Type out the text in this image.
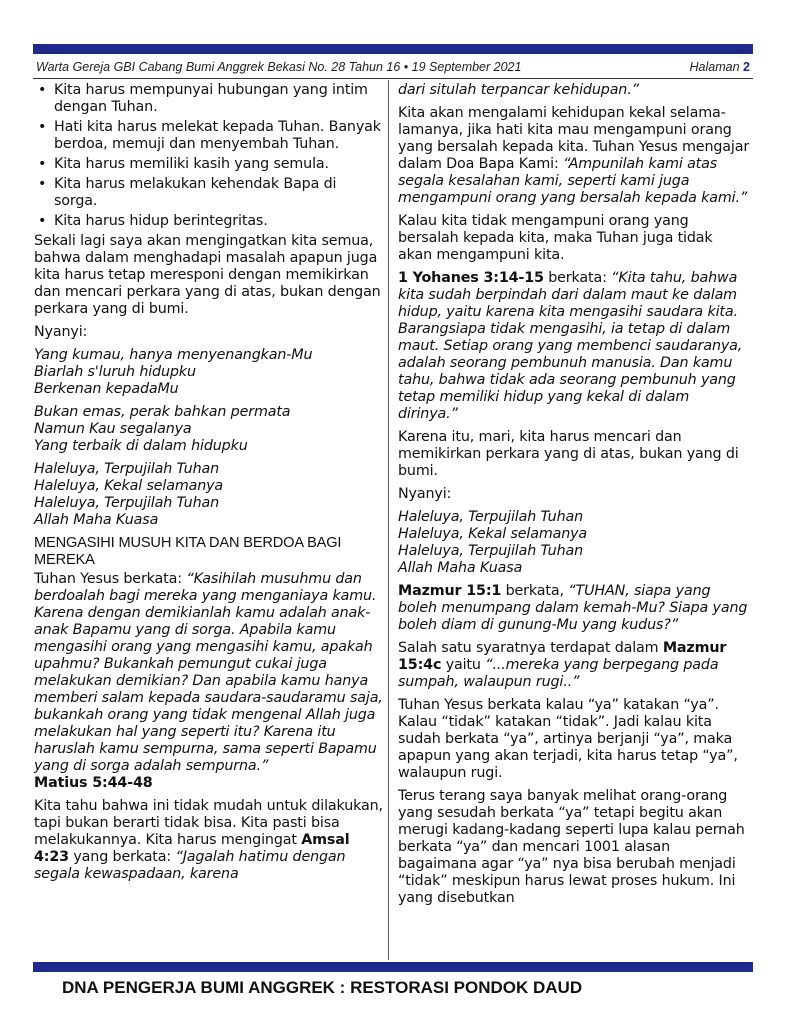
Warta Gereja GBI Cabang Bumi Anggrek Bekasi No. 28 Tahun 16 • 19 September 2021	Halaman 2
• Kita harus mempunyai hubungan yang intim dengan Tuhan.
• Hati kita harus melekat kepada Tuhan. Banyak berdoa, memuji dan menyembah Tuhan.
• Kita harus memiliki kasih yang semula.
• Kita harus melakukan kehendak Bapa di sorga.
• Kita harus hidup berintegritas.

Sekali lagi saya akan mengingatkan kita semua, bahwa dalam menghadapi masalah apapun juga kita harus tetap meresponi dengan memikirkan dan mencari perkara yang di atas, bukan dengan perkara yang di bumi.

Nyanyi:

Yang kumau, hanya menyenangkan-Mu
Biarlah s'luruh hidupku
Berkenan kepadaMu
Bukan emas, perak bahkan permata
Namun Kau segalanya
Yang terbaik di dalam hidupku
Haleluya, Terpujilah Tuhan
Haleluya, Kekal selamanya
Haleluya, Terpujilah Tuhan
Allah Maha Kuasa
MENGASIHI MUSUH KITA DAN BERDOA BAGI MEREKA

Tuhan Yesus berkata: “Kasihilah musuhmu dan berdoalah bagi mereka yang menganiaya kamu. Karena dengan demikianlah kamu adalah anak-anak Bapamu yang di sorga. Apabila kamu mengasihi orang yang mengasihi kamu, apakah upahmu? Bukankah pemungut cukai juga melakukan demikian? Dan apabila kamu hanya memberi salam kepada saudara-saudaramu saja, bukankah orang yang tidak mengenal Allah juga melakukan hal yang seperti itu? Karena itu haruslah kamu sempurna, sama seperti Bapamu yang di sorga adalah sempurna.”
Matius 5:44-48

Kita tahu bahwa ini tidak mudah untuk dilakukan, tapi bukan berarti tidak bisa. Kita pasti bisa melakukannya. Kita harus mengingat Amsal 4:23 yang berkata: “Jagalah hatimu dengan segala kewaspadaan, karena

dari situlah terpancar kehidupan.”

Kita akan mengalami kehidupan kekal selama-lamanya, jika hati kita mau mengampuni orang yang bersalah kepada kita. Tuhan Yesus mengajar dalam Doa Bapa Kami: “Ampunilah kami atas segala kesalahan kami, seperti kami juga mengampuni orang yang bersalah kepada kami.”

Kalau kita tidak mengampuni orang yang bersalah kepada kita, maka Tuhan juga tidak akan mengampuni kita.

1 Yohanes 3:14-15 berkata: “Kita tahu, bahwa kita sudah berpindah dari dalam maut ke dalam hidup, yaitu karena kita mengasihi saudara kita. Barangsiapa tidak mengasihi, ia tetap di dalam maut. Setiap orang yang membenci saudaranya, adalah seorang pembunuh manusia. Dan kamu tahu, bahwa tidak ada seorang pembunuh yang tetap memiliki hidup yang kekal di dalam dirinya.”

Karena itu, mari, kita harus mencari dan memikirkan perkara yang di atas, bukan yang di bumi.

Nyanyi:

Haleluya, Terpujilah Tuhan
Haleluya, Kekal selamanya
Haleluya, Terpujilah Tuhan
Allah Maha Kuasa

Mazmur 15:1 berkata, “TUHAN, siapa yang boleh menumpang dalam kemah-Mu? Siapa yang boleh diam di gunung-Mu yang kudus?”

Salah satu syaratnya terdapat dalam Mazmur 15:4c yaitu “...mereka yang berpegang pada sumpah, walaupun rugi..”

Tuhan Yesus berkata kalau “ya” katakan “ya”. Kalau “tidak” katakan “tidak”. Jadi kalau kita sudah berkata “ya”, artinya berjanji “ya”, maka apapun yang akan terjadi, kita harus tetap “ya”, walaupun rugi.

Terus terang saya banyak melihat orang-orang yang sesudah berkata “ya” tetapi begitu akan merugi kadang-kadang seperti lupa kalau pernah berkata “ya” dan mencari 1001 alasan bagaimana agar “ya” nya bisa berubah menjadi “tidak” meskipun harus lewat proses hukum. Ini yang disebutkan

DNA PENGERJA BUMI ANGGREK : RESTORASI PONDOK DAUD
